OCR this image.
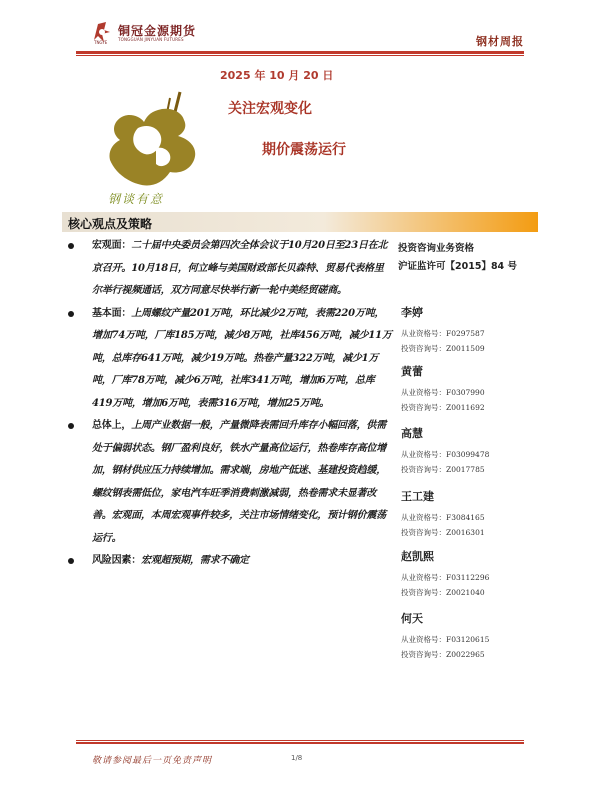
铜冠金源期货
TONGGUAN JINYUAN FUTURES
TNGYE	钢材周报
2025 年 10 月 20 日
钢谈有意
关注宏观变化
期价震荡运行
核心观点及策略
宏观面：二十届中央委员会第四次全体会议于10月20日至23日在北京召开。10月18日，何立峰与美国财政部长贝森特、贸易代表格里尔举行视频通话，双方同意尽快举行新一轮中美经贸磋商。
基本面：上周螺纹产量201万吨，环比减少2万吨，表需220万吨，增加74万吨，厂库185万吨，减少8万吨，社库456万吨，减少11万吨，总库存641万吨，减少19万吨。热卷产量322万吨，减少1万吨，厂库78万吨，减少6万吨，社库341万吨，增加6万吨，总库419万吨，增加6万吨，表需316万吨，增加25万吨。
总体上，上周产业数据一般，产量微降表需回升库存小幅回落，供需处于偏弱状态。钢厂盈利良好，铁水产量高位运行，热卷库存高位增加，钢材供应压力持续增加。需求端，房地产低迷、基建投资趋缓，螺纹钢表需低位，家电汽车旺季消费刺激减弱，热卷需求未显著改善。宏观面，本周宏观事件较多，关注市场情绪变化，预计钢价震荡运行。
风险因素：宏观超预期，需求不确定
投资咨询业务资格
沪证监许可【2015】84 号
李婷
从业资格号：F0297587
投资咨询号：Z0011509
黄蕾
从业资格号：F0307990
投资咨询号：Z0011692
高慧
从业资格号：F03099478
投资咨询号：Z0017785
王工建
从业资格号：F3084165
投资咨询号：Z0016301
赵凯熙
从业资格号：F03112296
投资咨询号：Z0021040
何天
从业资格号：F03120615
投资咨询号：Z0022965
敬请参阅最后一页免责声明	1/8
